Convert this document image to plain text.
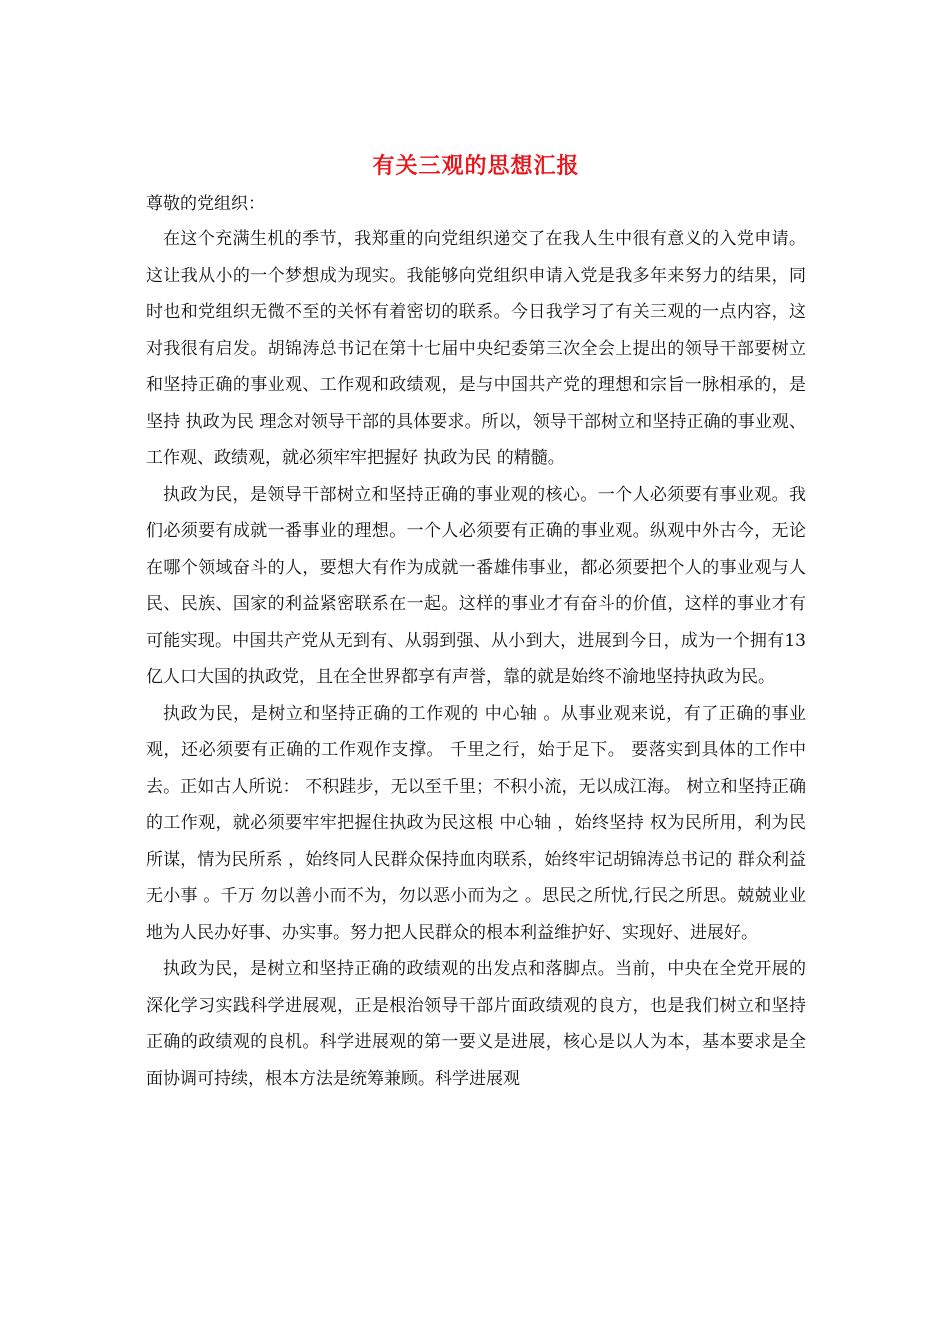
有关三观的思想汇报

尊敬的党组织：

在这个充满生机的季节，我郑重的向党组织递交了在我人生中很有意义的入党申请。这让我从小的一个梦想成为现实。我能够向党组织申请入党是我多年来努力的结果，同时也和党组织无微不至的关怀有着密切的联系。今日我学习了有关三观的一点内容，这对我很有启发。胡锦涛总书记在第十七届中央纪委第三次全会上提出的领导干部要树立和坚持正确的事业观、工作观和政绩观，是与中国共产党的理想和宗旨一脉相承的，是坚持 执政为民 理念对领导干部的具体要求。所以，领导干部树立和坚持正确的事业观、工作观、政绩观，就必须牢牢把握好 执政为民 的精髓。

执政为民，是领导干部树立和坚持正确的事业观的核心。一个人必须要有事业观。我们必须要有成就一番事业的理想。一个人必须要有正确的事业观。纵观中外古今，无论在哪个领域奋斗的人，要想大有作为成就一番雄伟事业，都必须要把个人的事业观与人民、民族、国家的利益紧密联系在一起。这样的事业才有奋斗的价值，这样的事业才有可能实现。中国共产党从无到有、从弱到强、从小到大，进展到今日，成为一个拥有13亿人口大国的执政党，且在全世界都享有声誉，靠的就是始终不渝地坚持执政为民。

执政为民，是树立和坚持正确的工作观的 中心轴 。从事业观来说，有了正确的事业观，还必须要有正确的工作观作支撑。 千里之行，始于足下。 要落实到具体的工作中去。正如古人所说： 不积跬步，无以至千里；不积小流，无以成江海。 树立和坚持正确的工作观，就必须要牢牢把握住执政为民这根 中心轴 ，始终坚持 权为民所用，利为民所谋，情为民所系 ，始终同人民群众保持血肉联系，始终牢记胡锦涛总书记的 群众利益无小事 。千万 勿以善小而不为，勿以恶小而为之 。思民之所忧,行民之所思。兢兢业业地为人民办好事、办实事。努力把人民群众的根本利益维护好、实现好、进展好。

执政为民，是树立和坚持正确的政绩观的出发点和落脚点。当前，中央在全党开展的深化学习实践科学进展观，正是根治领导干部片面政绩观的良方，也是我们树立和坚持正确的政绩观的良机。科学进展观的第一要义是进展，核心是以人为本，基本要求是全面协调可持续，根本方法是统筹兼顾。科学进展观
